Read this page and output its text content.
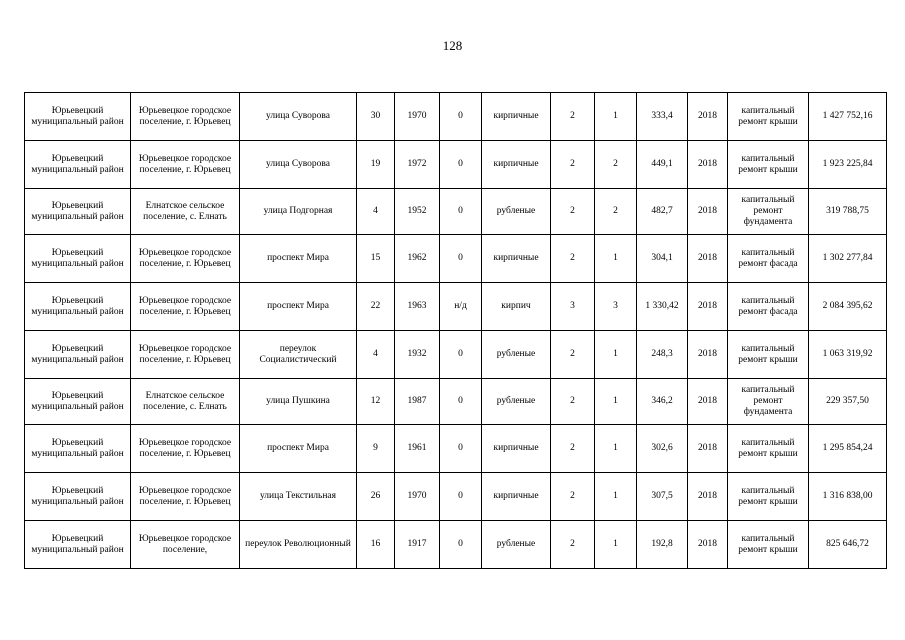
128
Юрьевецкий муниципальный район	Юрьевецкое городское поселение, г. Юрьевец	улица Суворова	30	1970	0	кирпичные	2	1	333,4	2018	капитальный ремонт крыши	1 427 752,16
Юрьевецкий муниципальный район	Юрьевецкое городское поселение, г. Юрьевец	улица Суворова	19	1972	0	кирпичные	2	2	449,1	2018	капитальный ремонт крыши	1 923 225,84
Юрьевецкий муниципальный район	Елнатское сельское поселение, с. Елнать	улица Подгорная	4	1952	0	рубленые	2	2	482,7	2018	капитальный ремонт фундамента	319 788,75
Юрьевецкий муниципальный район	Юрьевецкое городское поселение, г. Юрьевец	проспект Мира	15	1962	0	кирпичные	2	1	304,1	2018	капитальный ремонт фасада	1 302 277,84
Юрьевецкий муниципальный район	Юрьевецкое городское поселение, г. Юрьевец	проспект Мира	22	1963	н/д	кирпич	3	3	1 330,42	2018	капитальный ремонт фасада	2 084 395,62
Юрьевецкий муниципальный район	Юрьевецкое городское поселение, г. Юрьевец	переулок Социалистический	4	1932	0	рубленые	2	1	248,3	2018	капитальный ремонт крыши	1 063 319,92
Юрьевецкий муниципальный район	Елнатское сельское поселение, с. Елнать	улица Пушкина	12	1987	0	рубленые	2	1	346,2	2018	капитальный ремонт фундамента	229 357,50
Юрьевецкий муниципальный район	Юрьевецкое городское поселение, г. Юрьевец	проспект Мира	9	1961	0	кирпичные	2	1	302,6	2018	капитальный ремонт крыши	1 295 854,24
Юрьевецкий муниципальный район	Юрьевецкое городское поселение, г. Юрьевец	улица Текстильная	26	1970	0	кирпичные	2	1	307,5	2018	капитальный ремонт крыши	1 316 838,00
Юрьевецкий муниципальный район	Юрьевецкое городское поселение,	переулок Революционный	16	1917	0	рубленые	2	1	192,8	2018	капитальный ремонт крыши	825 646,72
